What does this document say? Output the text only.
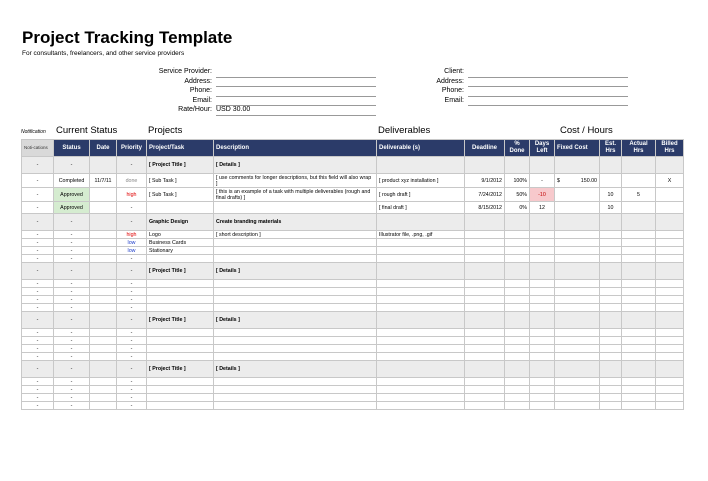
Project Tracking Template
For consultants, freelancers, and other service providers
Service Provider:
Address:
Phone:
Email:
Rate/Hour: USD 30.00
Client:
Address:
Phone:
Email:
Notification Current Status	Projects	Deliverables	Cost / Hours
Noti-cations	Status	Date	Priority	Project/Task	Description	Deliverable (s)	Deadline	% Done	Days Left	Fixed Cost	Est. Hrs	Actual Hrs	Billed Hrs
-	-		-	[ Project Title ]	[ Details ]								
-	Completed	11/7/11	done	[ Sub Task ]	[ use comments for longer descriptions, but this field will also wrap ]	[ product xyz installation ]	9/1/2012	100%	-	$ 150.00			X
-	Approved		high	[ Sub Task ]	[ this is an example of a task with multiple deliverables (rough and final drafts) ]	[ rough draft ]	7/24/2012	50%	-10		10	5	
-	Approved		-			[ final draft ]	8/15/2012	0%	12		10		
-	-		-	Graphic Design	Create branding materials								
-	-		high	Logo	[ short description ]	Illustrator file, .png, .gif							
-	-		low	Business Cards									
-	-		low	Stationary									
-	-		-										
-	-		-	[ Project Title ]	[ Details ]								
-	-		-										
-	-		-										
-	-		-										
-	-		-										
-	-		-	[ Project Title ]	[ Details ]								
-	-		-										
-	-		-										
-	-		-										
-	-		-										
-	-		-	[ Project Title ]	[ Details ]								
-	-		-										
-	-		-										
-	-		-										
-	-		-										
